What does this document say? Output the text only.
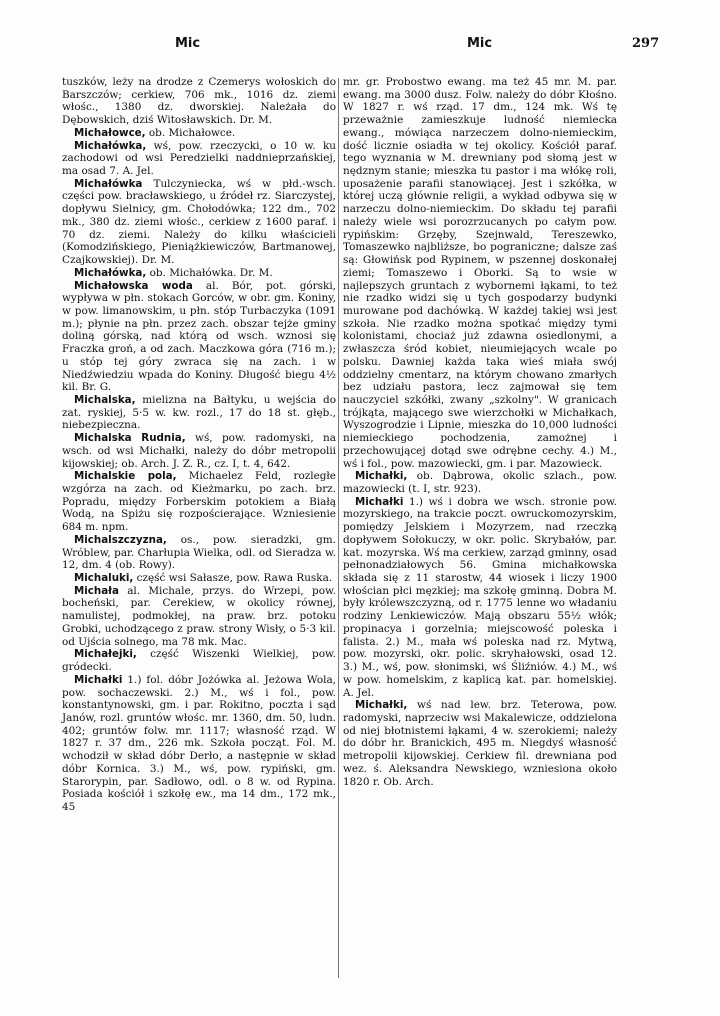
Mic	Mic	297

tuszków, leży na drodze z Czemerys wołoskich do Barszczów; cerkiew, 706 mk., 1016 dz. ziemi włośc., 1380 dz. dworskiej. Należała do Dębowskich, dziś Witosławskich. Dr. M.

Michałowce, ob. Michałowce.

Michałówka, wś, pow. rzeczycki, o 10 w. ku zachodowi od wsi Peredzielki naddnieprzańskiej, ma osad 7. A. Jel.

Michałówka Tulczyniecka, wś w płd.-wsch. części pow. bracławskiego, u źródeł rz. Siarczystej, dopływu Sielnicy, gm. Chołodówka; 122 dm., 702 mk., 380 dz. ziemi włośc., cerkiew z 1600 paraf. i 70 dz. ziemi. Należy do kilku właścicieli (Komodzińskiego, Pieniążkiewiczów, Bartmanowej, Czajkowskiej). Dr. M.

Michałówka, ob. Michałówka. Dr. M.

Michałowska woda al. Bór, pot. górski, wypływa w płn. stokach Gorców, w obr. gm. Koniny, w pow. limanowskim, u płn. stóp Turbaczyka (1091 m.); płynie na płn. przez zach. obszar tejże gminy doliną górską, nad którą od wsch. wznosi się Fraczka groń, a od zach. Maczkowa góra (716 m.); u stóp tej góry zwraca się na zach. i w Niedźwiedziu wpada do Koniny. Długość biegu 4½ kil. Br. G.

Michalska, mielizna na Bałtyku, u wejścia do zat. ryskiej, 5·5 w. kw. rozl., 17 do 18 st. głęb., niebezpieczna.

Michalska Rudnia, wś, pow. radomyski, na wsch. od wsi Michałki, należy do dóbr metropolii kijowskiej; ob. Arch. J. Z. R., cz. I, t. 4, 642.

Michalskie pola, Michaelez Feld, rozległe wzgórza na zach. od Kieżmarku, po zach. brz. Popradu, między Forberskim potokiem a Białą Wodą, na Spiżu się rozpościerające. Wzniesienie 684 m. npm.

Michalszczyzna, os., pow. sieradzki, gm. Wróblew, par. Charłupia Wielka, odl. od Sieradza w. 12, dm. 4 (ob. Rowy).

Michaluki, część wsi Sałasze, pow. Rawa Ruska.

Michała al. Michale, przys. do Wrzepi, pow. bocheński, par. Cerekiew, w okolicy równej, namulistej, podmokłej, na praw. brz. potoku Grobki, uchodzącego z praw. strony Wisły, o 5·3 kil. od Ujścia solnego, ma 78 mk. Mac.

Michałejki, część Wiszenki Wielkiej, pow. gródecki.

Michałki 1.) fol. dóbr Jożówka al. Jeżowa Wola, pow. sochaczewski. 2.) M., wś i fol., pow. konstantynowski, gm. i par. Rokitno, poczta i sąd Janów, rozl. gruntów włośc. mr. 1360, dm. 50, ludn. 402; gruntów folw. mr. 1117; własność rząd. W 1827 r. 37 dm., 226 mk. Szkoła począt. Fol. M. wchodził w skład dóbr Derło, a następnie w skład dóbr Kornica. 3.) M., wś, pow. rypiński, gm. Starorypin, par. Sadłowo, odl. o 8 w. od Rypina. Posiada kościół i szkołę ew., ma 14 dm., 172 mk., 45

mr. gr. Probostwo ewang. ma też 45 mr. M. par. ewang. ma 3000 dusz. Folw. należy do dóbr Kłośno. W 1827 r. wś rząd. 17 dm., 124 mk. Wś tę przeważnie zamieszkuje ludność niemiecka ewang., mówiąca narzeczem dolno-niemieckim, dość licznie osiadła w tej okolicy. Kościół paraf. tego wyznania w M. drewniany pod słomą jest w nędznym stanie; mieszka tu pastor i ma włókę roli, uposażenie parafii stanowiącej. Jest i szkółka, w której uczą głównie religii, a wykład odbywa się w narzeczu dolno-niemieckim. Do składu tej parafii należy wiele wsi porozrzucanych po całym pow. rypińskim: Grzęby, Szejnwald, Tereszewko, Tomaszewko najbliższe, bo pograniczne; dalsze zaś są: Głowińsk pod Rypinem, w pszennej doskonałej ziemi; Tomaszewo i Oborki. Są to wsie w najlepszych gruntach z wybornemi łąkami, to też nie rzadko widzi się u tych gospodarzy budynki murowane pod dachówką. W każdej takiej wsi jest szkoła. Nie rzadko można spotkać między tymi kolonistami, chociaż już zdawna osiedlonymi, a zwłaszcza śród kobiet, nieumiejących wcale po polsku. Dawniej każda taka wieś miała swój oddzielny cmentarz, na którym chowano zmarłych bez udziału pastora, lecz zajmował się tem nauczyciel szkółki, zwany „szkolny". W granicach trójkąta, mającego swe wierzchołki w Michałkach, Wyszogrodzie i Lipnie, mieszka do 10,000 ludności niemieckiego pochodzenia, zamożnej i przechowującej dotąd swe odrębne cechy. 4.) M., wś i fol., pow. mazowiecki, gm. i par. Mazowieck.

Michałki, ob. Dąbrowa, okolic szlach., pow. mazowiecki (t. I, str. 923).

Michałki 1.) wś i dobra we wsch. stronie pow. mozyrskiego, na trakcie poczt. owruckomozyrskim, pomiędzy Jelskiem i Mozyrzem, nad rzeczką dopływem Sołokuczy, w okr. polic. Skrybałów, par. kat. mozyrska. Wś ma cerkiew, zarząd gminny, osad pełnonadziałowych 56. Gmina michałkowska składa się z 11 starostw, 44 wiosek i liczy 1900 włościan płci męzkiej; ma szkołę gminną. Dobra M. były królewszczyzną, od r. 1775 lenne wo władaniu rodziny Lenkiewiczów. Mają obszaru 55½ włók; propinacya i gorzelnia; miejscowość poleska i falista. 2.) M., mała wś poleska nad rz. Mytwą, pow. mozyrski, okr. polic. skryhałowski, osad 12. 3.) M., wś, pow. słonimski, wś Śliźniów. 4.) M., wś w pow. homelskim, z kaplicą kat. par. homelskiej. A. Jel.

Michałki, wś nad lew. brz. Teterowa, pow. radomyski, naprzeciw wsi Makalewicze, oddzielona od niej błotnistemi łąkami, 4 w. szerokiemi; należy do dóbr hr. Branickich, 495 m. Niegdyś własność metropolii kijowskiej. Cerkiew fil. drewniana pod wez. ś. Aleksandra Newskiego, wzniesiona około 1820 r. Ob. Arch.
